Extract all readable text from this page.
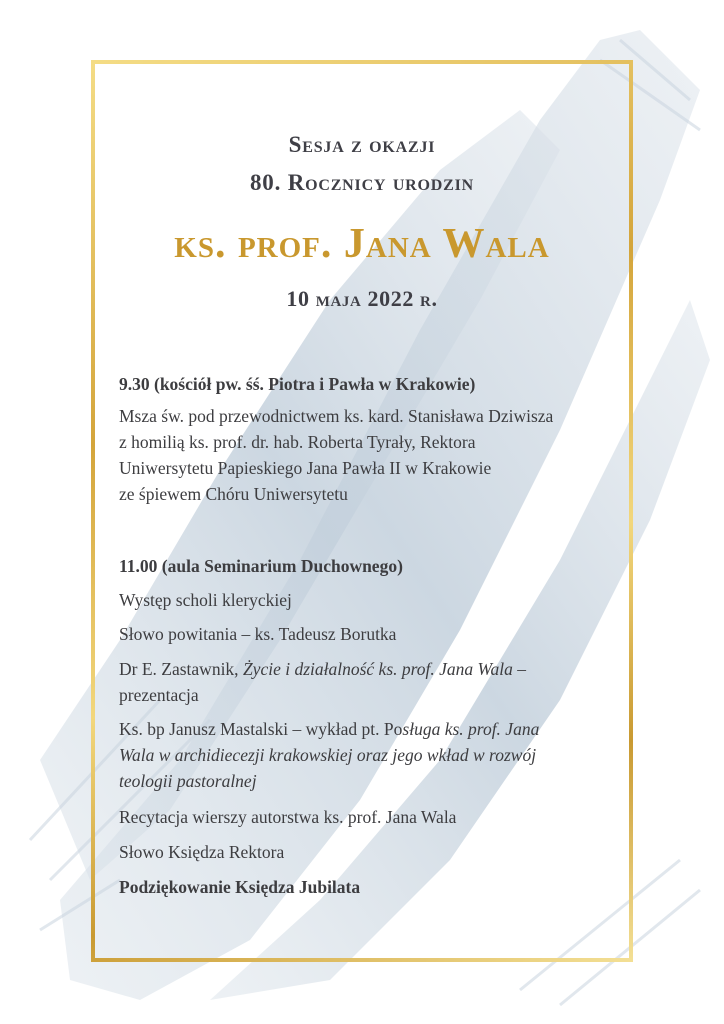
Sesja z okazji
80. Rocznicy urodzin
ks. prof. Jana Wala
10 maja 2022 r.
9.30 (kościół pw. śś. Piotra i Pawła w Krakowie)
Msza św. pod przewodnictwem ks. kard. Stanisława Dziwisza
z homilią ks. prof. dr. hab. Roberta Tyrały, Rektora
Uniwersytetu Papieskiego Jana Pawła II w Krakowie
ze śpiewem Chóru Uniwersytetu
11.00 (aula Seminarium Duchownego)
Występ scholi kleryckiej
Słowo powitania – ks. Tadeusz Borutka
Dr E. Zastawnik, Życie i działalność ks. prof. Jana Wala –
prezentacja
Ks. bp Janusz Mastalski – wykład pt. Posługa ks. prof. Jana
Wala w archidiecezji krakowskiej oraz jego wkład w rozwój
teologii pastoralnej
Recytacja wierszy autorstwa ks. prof. Jana Wala
Słowo Księdza Rektora
Podziękowanie Księdza Jubilata
